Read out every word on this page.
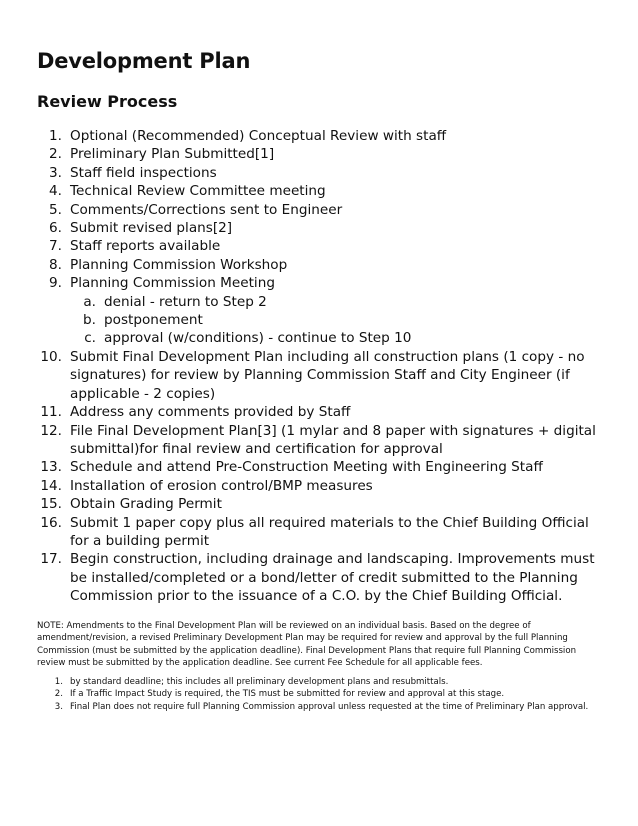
Development Plan
Review Process
1. Optional (Recommended) Conceptual Review with staff
2. Preliminary Plan Submitted[1]
3. Staff field inspections
4. Technical Review Committee meeting
5. Comments/Corrections sent to Engineer
6. Submit revised plans[2]
7. Staff reports available
8. Planning Commission Workshop
9. Planning Commission Meeting
a. denial - return to Step 2
b. postponement
c. approval (w/conditions) - continue to Step 10
10. Submit Final Development Plan including all construction plans (1 copy - no signatures) for review by Planning Commission Staff and City Engineer (if applicable - 2 copies)
11. Address any comments provided by Staff
12. File Final Development Plan[3] (1 mylar and 8 paper with signatures + digital submittal)for final review and certification for approval
13. Schedule and attend Pre-Construction Meeting with Engineering Staff
14. Installation of erosion control/BMP measures
15. Obtain Grading Permit
16. Submit 1 paper copy plus all required materials to the Chief Building Official for a building permit
17. Begin construction, including drainage and landscaping. Improvements must be installed/completed or a bond/letter of credit submitted to the Planning Commission prior to the issuance of a C.O. by the Chief Building Official.

NOTE: Amendments to the Final Development Plan will be reviewed on an individual basis. Based on the degree of amendment/revision, a revised Preliminary Development Plan may be required for review and approval by the full Planning Commission (must be submitted by the application deadline). Final Development Plans that require full Planning Commission review must be submitted by the application deadline. See current Fee Schedule for all applicable fees.

1. by standard deadline; this includes all preliminary development plans and resubmittals.
2. If a Traffic Impact Study is required, the TIS must be submitted for review and approval at this stage.
3. Final Plan does not require full Planning Commission approval unless requested at the time of Preliminary Plan approval.
